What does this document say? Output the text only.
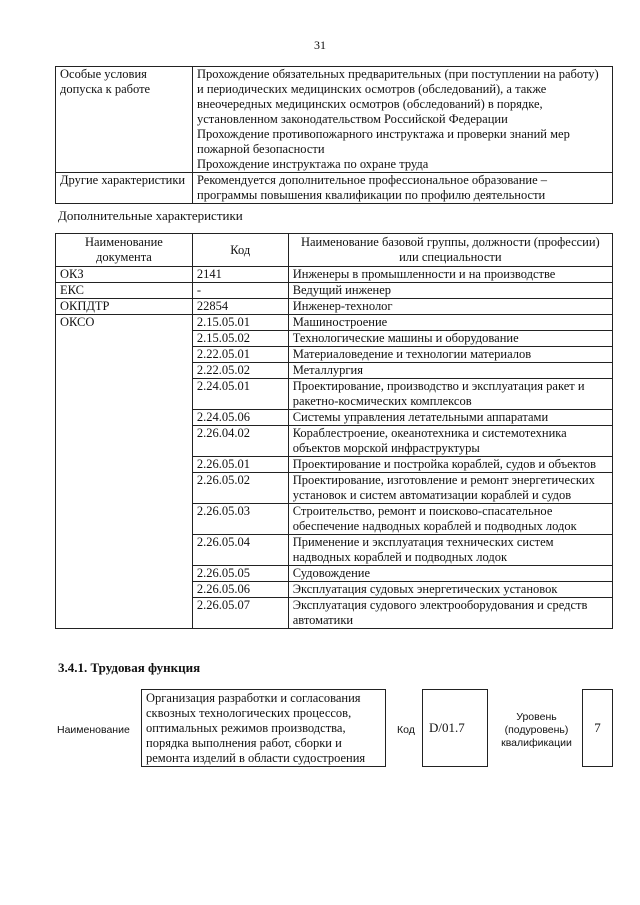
31
Особые условия допуска к работе	Прохождение обязательных предварительных (при поступлении на работу) и периодических медицинских осмотров (обследований), а также внеочередных медицинских осмотров (обследований) в порядке, установленном законодательством Российской Федерации
Прохождение противопожарного инструктажа и проверки знаний мер пожарной безопасности
Прохождение инструктажа по охране труда

Другие характеристики	Рекомендуется дополнительное профессиональное образование – программы повышения квалификации по профилю деятельности
Дополнительные характеристики
Наименование документа	Код	Наименование базовой группы, должности (профессии) или специальности
ОКЗ	2141	Инженеры в промышленности и на производстве
ЕКС	-	Ведущий инженер
ОКПДТР	22854	Инженер-технолог
ОКСО	2.15.05.01	Машиностроение
	2.15.05.02	Технологические машины и оборудование
	2.22.05.01	Материаловедение и технологии материалов
	2.22.05.02	Металлургия
	2.24.05.01	Проектирование, производство и эксплуатация ракет и ракетно-космических комплексов
	2.24.05.06	Системы управления летательными аппаратами
	2.26.04.02	Кораблестроение, океанотехника и системотехника объектов морской инфраструктуры
	2.26.05.01	Проектирование и постройка кораблей, судов и объектов
	2.26.05.02	Проектирование, изготовление и ремонт энергетических установок и систем автоматизации кораблей и судов
	2.26.05.03	Строительство, ремонт и поисково-спасательное обеспечение надводных кораблей и подводных лодок
	2.26.05.04	Применение и эксплуатация технических систем надводных кораблей и подводных лодок
	2.26.05.05	Судовождение
	2.26.05.06	Эксплуатация судовых энергетических установок
	2.26.05.07	Эксплуатация судового электрооборудования и средств автоматики
3.4.1. Трудовая функция
Наименование
Организация разработки и согласования сквозных технологических процессов, оптимальных режимов производства, порядка выполнения работ, сборки и ремонта изделий в области судостроения
Код	D/01.7
Уровень (подуровень) квалификации
7
